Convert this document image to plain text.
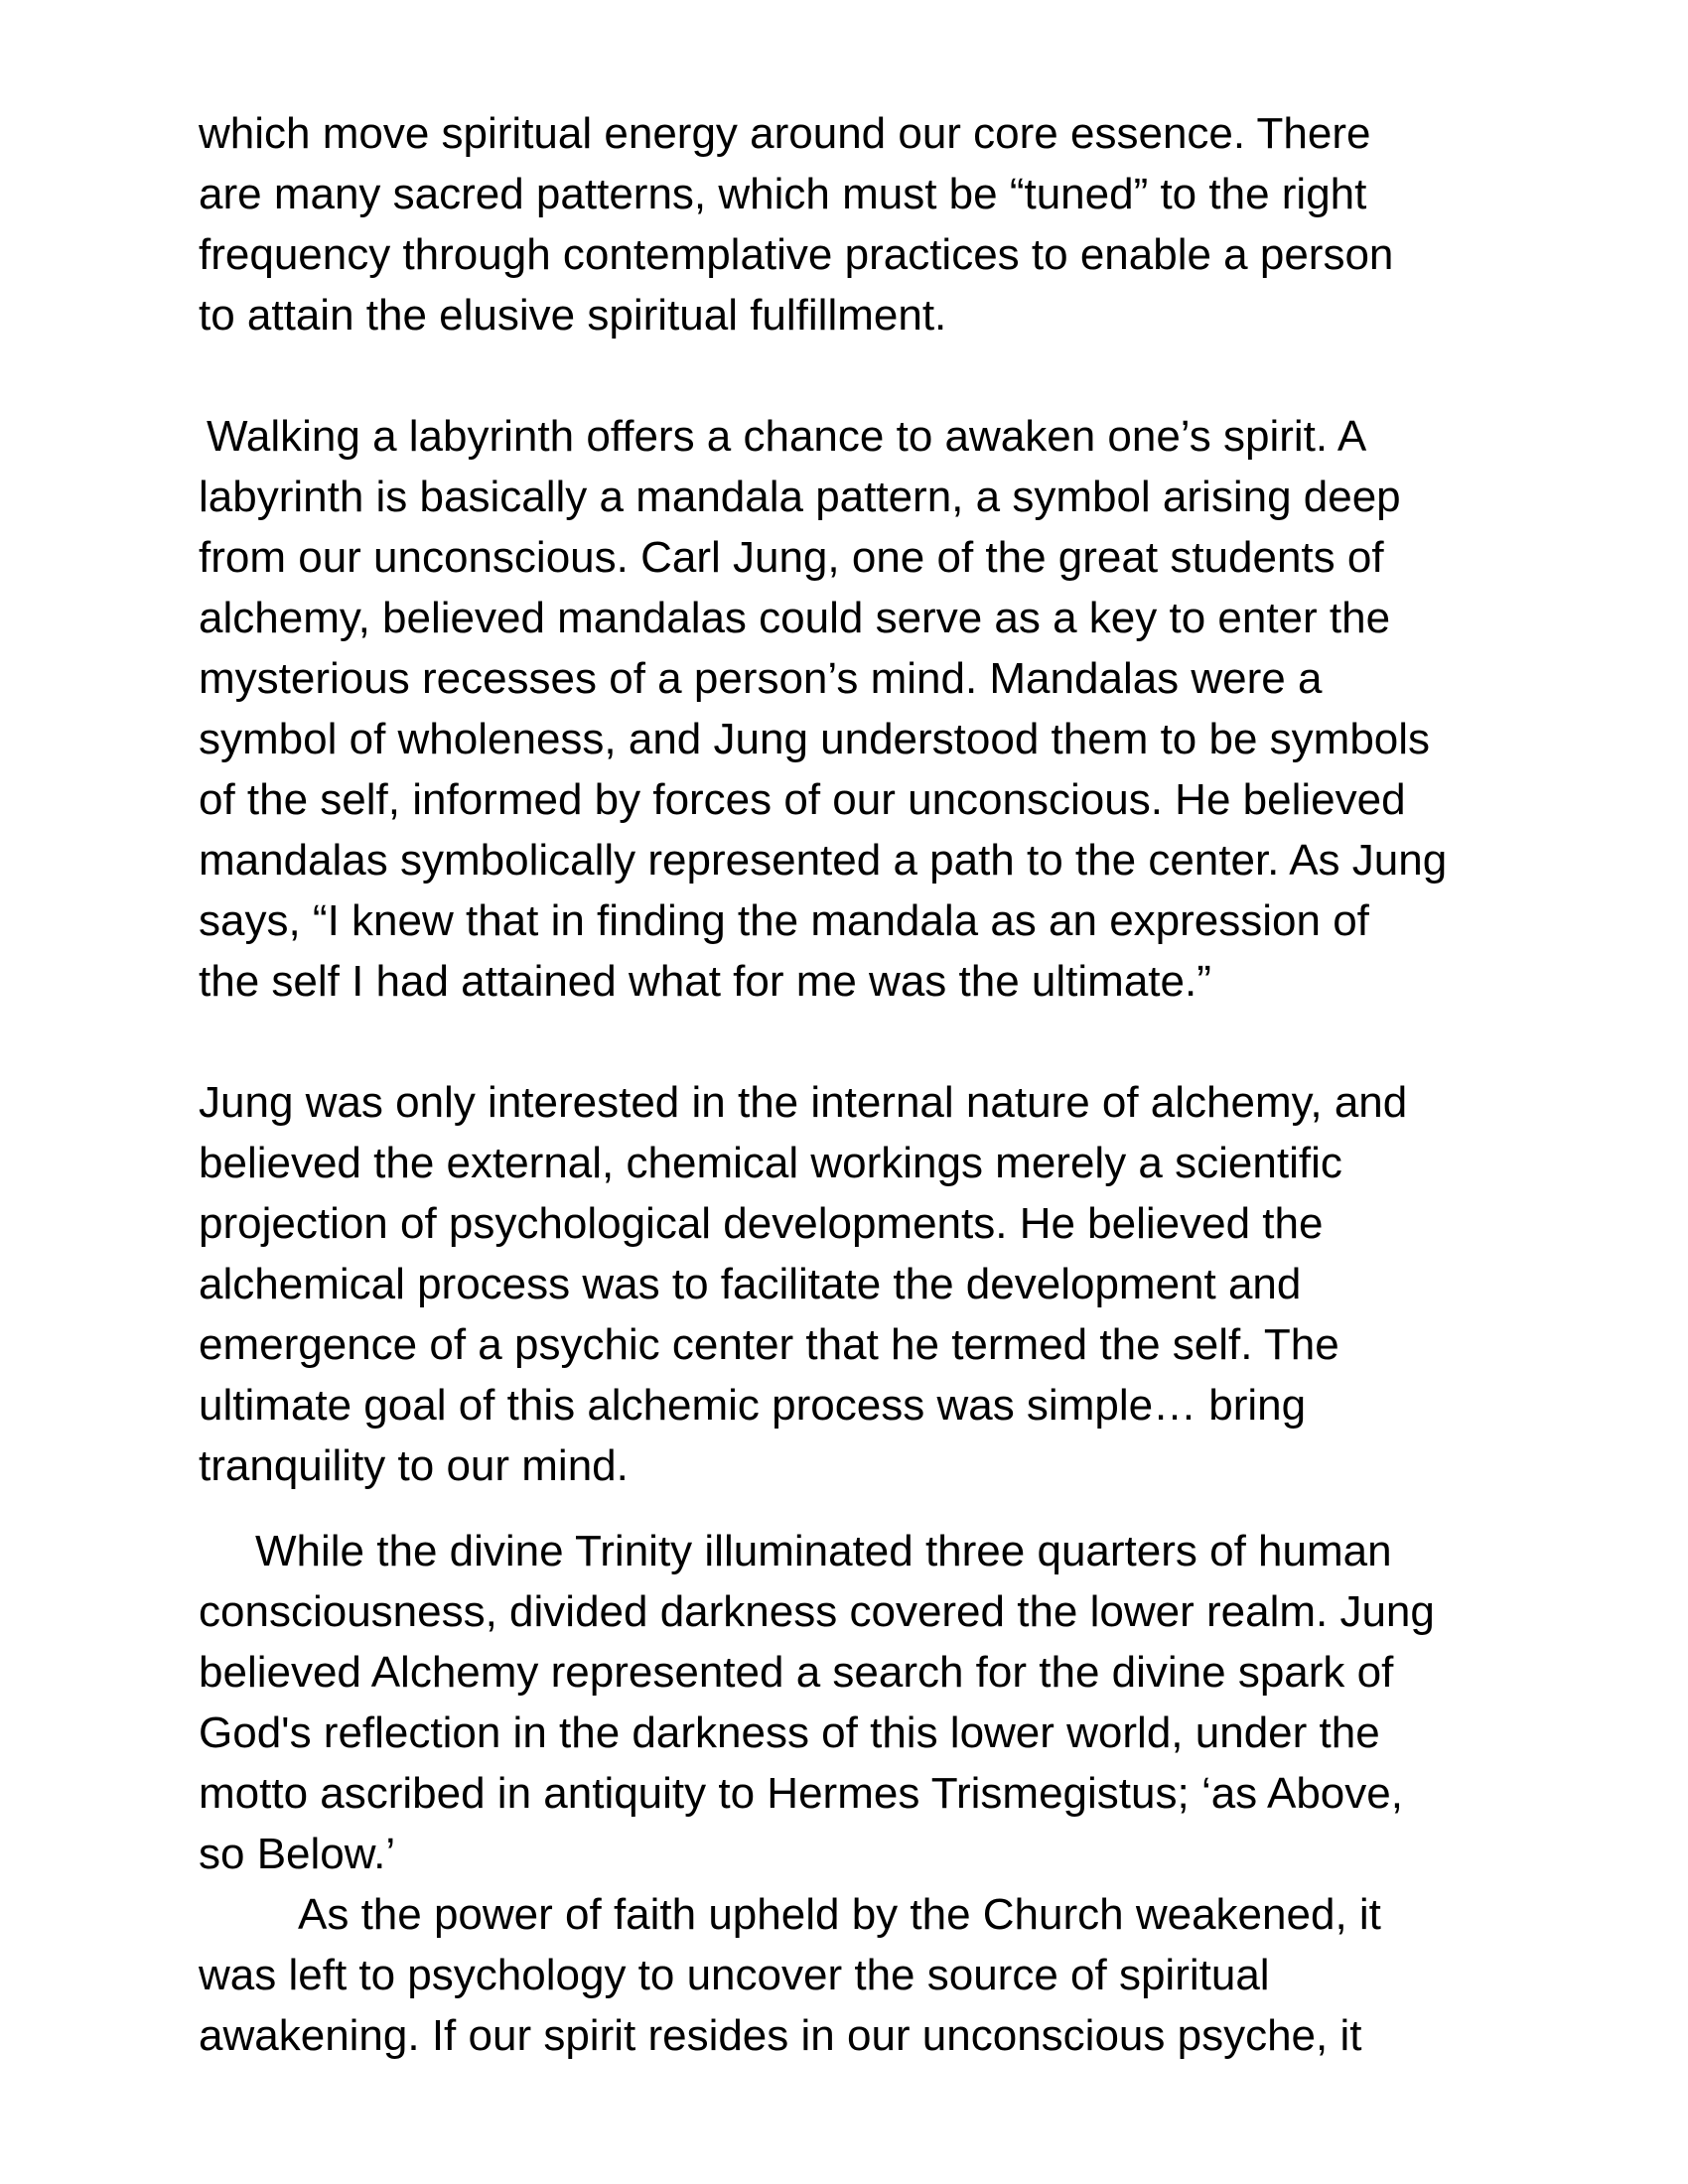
which move spiritual energy around our core essence. There

are many sacred patterns, which must be “tuned” to the right

frequency through contemplative practices to enable a person

to attain the elusive spiritual fulfillment.

Walking a labyrinth offers a chance to awaken one’s spirit. A

labyrinth is basically a mandala pattern, a symbol arising deep

from our unconscious. Carl Jung, one of the great students of

alchemy, believed mandalas could serve as a key to enter the

mysterious recesses of a person’s mind. Mandalas were a

symbol of wholeness, and Jung understood them to be symbols

of the self, informed by forces of our unconscious. He believed

mandalas symbolically represented a path to the center. As Jung

says, “I knew that in finding the mandala as an expression of

the self I had attained what for me was the ultimate.”

Jung was only interested in the internal nature of alchemy, and

believed the external, chemical workings merely a scientific

projection of psychological developments. He believed the

alchemical process was to facilitate the development and

emergence of a psychic center that he termed the self. The

ultimate goal of this alchemic process was simple… bring

tranquility to our mind.

While the divine Trinity illuminated three quarters of human

consciousness, divided darkness covered the lower realm. Jung

believed Alchemy represented a search for the divine spark of

God's reflection in the darkness of this lower world, under the

motto ascribed in antiquity to Hermes Trismegistus; ‘as Above,

so Below.’

As the power of faith upheld by the Church weakened, it

was left to psychology to uncover the source of spiritual

awakening. If our spirit resides in our unconscious psyche, it
